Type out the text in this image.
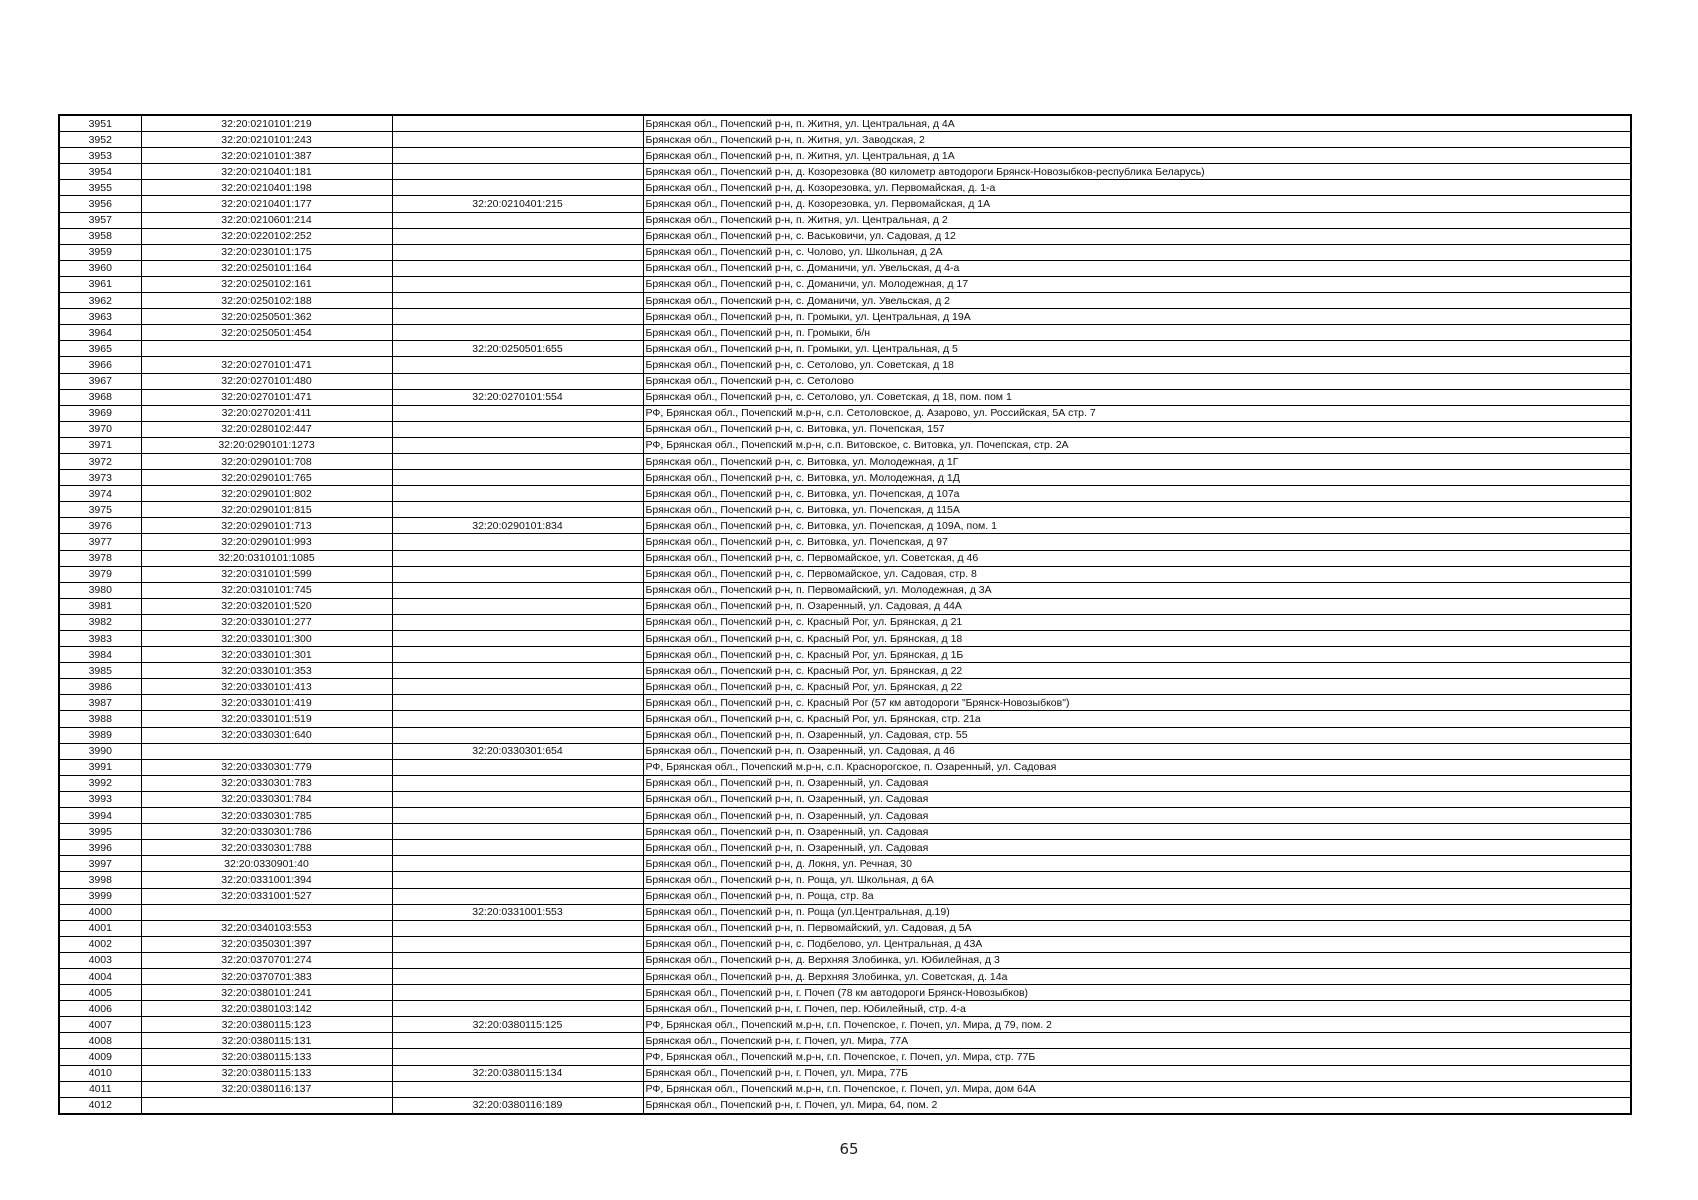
3951	32:20:0210101:219		Брянская обл., Почепский р-н, п. Житня, ул. Центральная, д 4А
3952	32:20:0210101:243		Брянская обл., Почепский р-н, п. Житня, ул. Заводская, 2
3953	32:20:0210101:387		Брянская обл., Почепский р-н, п. Житня, ул. Центральная, д 1А
3954	32:20:0210401:181		Брянская обл., Почепский р-н, д. Козорезовка (80 километр автодороги Брянск-Новозыбков-республика Беларусь)
3955	32:20:0210401:198		Брянская обл., Почепский р-н, д. Козорезовка, ул. Первомайская, д. 1-а
3956	32:20:0210401:177	32:20:0210401:215	Брянская обл., Почепский р-н, д. Козорезовка, ул. Первомайская, д 1А
3957	32:20:0210601:214		Брянская обл., Почепский р-н, п. Житня, ул. Центральная, д 2
3958	32:20:0220102:252		Брянская обл., Почепский р-н, с. Васьковичи, ул. Садовая, д 12
3959	32:20:0230101:175		Брянская обл., Почепский р-н, с. Чолово, ул. Школьная, д 2А
3960	32:20:0250101:164		Брянская обл., Почепский р-н, с. Доманичи, ул. Увельская, д 4-а
3961	32:20:0250102:161		Брянская обл., Почепский р-н, с. Доманичи, ул. Молодежная, д 17
3962	32:20:0250102:188		Брянская обл., Почепский р-н, с. Доманичи, ул. Увельская, д 2
3963	32:20:0250501:362		Брянская обл., Почепский р-н, п. Громыки, ул. Центральная, д 19А
3964	32:20:0250501:454		Брянская обл., Почепский р-н, п. Громыки, б/н
3965		32:20:0250501:655	Брянская обл., Почепский р-н, п. Громыки, ул. Центральная, д 5
3966	32:20:0270101:471		Брянская обл., Почепский р-н, с. Сетолово, ул. Советская, д 18
3967	32:20:0270101:480		Брянская обл., Почепский р-н, с. Сетолово
3968	32:20:0270101:471	32:20:0270101:554	Брянская обл., Почепский р-н, с. Сетолово, ул. Советская, д 18, пом. пом 1
3969	32:20:0270201:411		РФ, Брянская обл., Почепский м.р-н, с.п. Сетоловское, д. Азарово, ул. Российская, 5А стр. 7
3970	32:20:0280102:447		Брянская обл., Почепский р-н, с. Витовка, ул. Почепская, 157
3971	32:20:0290101:1273		РФ, Брянская обл., Почепский м.р-н, с.п. Витовское, с. Витовка, ул. Почепская, стр. 2А
3972	32:20:0290101:708		Брянская обл., Почепский р-н, с. Витовка, ул. Молодежная, д 1Г
3973	32:20:0290101:765		Брянская обл., Почепский р-н, с. Витовка, ул. Молодежная, д 1Д
3974	32:20:0290101:802		Брянская обл., Почепский р-н, с. Витовка, ул. Почепская, д 107а
3975	32:20:0290101:815		Брянская обл., Почепский р-н, с. Витовка, ул. Почепская, д 115А
3976	32:20:0290101:713	32:20:0290101:834	Брянская обл., Почепский р-н, с. Витовка, ул. Почепская, д 109А, пом. 1
3977	32:20:0290101:993		Брянская обл., Почепский р-н, с. Витовка, ул. Почепская, д 97
3978	32:20:0310101:1085		Брянская обл., Почепский р-н, с. Первомайское, ул. Советская, д 46
3979	32:20:0310101:599		Брянская обл., Почепский р-н, с. Первомайское, ул. Садовая, стр. 8
3980	32:20:0310101:745		Брянская обл., Почепский р-н, п. Первомайский, ул. Молодежная, д 3А
3981	32:20:0320101:520		Брянская обл., Почепский р-н, п. Озаренный, ул. Садовая, д 44А
3982	32:20:0330101:277		Брянская обл., Почепский р-н, с. Красный Рог, ул. Брянская, д 21
3983	32:20:0330101:300		Брянская обл., Почепский р-н, с. Красный Рог, ул. Брянская, д 18
3984	32:20:0330101:301		Брянская обл., Почепский р-н, с. Красный Рог, ул. Брянская, д 1Б
3985	32:20:0330101:353		Брянская обл., Почепский р-н, с. Красный Рог, ул. Брянская, д 22
3986	32:20:0330101:413		Брянская обл., Почепский р-н, с. Красный Рог, ул. Брянская, д 22
3987	32:20:0330101:419		Брянская обл., Почепский р-н, с. Красный Рог (57 км автодороги "Брянск-Новозыбков")
3988	32:20:0330101:519		Брянская обл., Почепский р-н, с. Красный Рог, ул. Брянская, стр. 21а
3989	32:20:0330301:640		Брянская обл., Почепский р-н, п. Озаренный, ул. Садовая, стр. 55
3990		32:20:0330301:654	Брянская обл., Почепский р-н, п. Озаренный, ул. Садовая, д 46
3991	32:20:0330301:779		РФ, Брянская обл., Почепский м.р-н, с.п. Краснорогское, п. Озаренный, ул. Садовая
3992	32:20:0330301:783		Брянская обл., Почепский р-н, п. Озаренный, ул. Садовая
3993	32:20:0330301:784		Брянская обл., Почепский р-н, п. Озаренный, ул. Садовая
3994	32:20:0330301:785		Брянская обл., Почепский р-н, п. Озаренный, ул. Садовая
3995	32:20:0330301:786		Брянская обл., Почепский р-н, п. Озаренный, ул. Садовая
3996	32:20:0330301:788		Брянская обл., Почепский р-н, п. Озаренный, ул. Садовая
3997	32:20:0330901:40		Брянская обл., Почепский р-н, д. Локня, ул. Речная, 30
3998	32:20:0331001:394		Брянская обл., Почепский р-н, п. Роща, ул. Школьная, д 6А
3999	32:20:0331001:527		Брянская обл., Почепский р-н, п. Роща, стр. 8а
4000		32:20:0331001:553	Брянская обл., Почепский р-н, п. Роща (ул.Центральная, д.19)
4001	32:20:0340103:553		Брянская обл., Почепский р-н, п. Первомайский, ул. Садовая, д 5А
4002	32:20:0350301:397		Брянская обл., Почепский р-н, с. Подбелово, ул. Центральная, д 43А
4003	32:20:0370701:274		Брянская обл., Почепский р-н, д. Верхняя Злобинка, ул. Юбилейная, д 3
4004	32:20:0370701:383		Брянская обл., Почепский р-н, д. Верхняя Злобинка, ул. Советская, д. 14а
4005	32:20:0380101:241		Брянская обл., Почепский р-н, г. Почеп (78 км автодороги Брянск-Новозыбков)
4006	32:20:0380103:142		Брянская обл., Почепский р-н, г. Почеп, пер. Юбилейный, стр. 4-а
4007	32:20:0380115:123	32:20:0380115:125	РФ, Брянская обл., Почепский м.р-н, г.п. Почепское, г. Почеп, ул. Мира, д 79, пом. 2
4008	32:20:0380115:131		Брянская обл., Почепский р-н, г. Почеп, ул. Мира, 77А
4009	32:20:0380115:133		РФ, Брянская обл., Почепский м.р-н, г.п. Почепское, г. Почеп, ул. Мира, стр. 77Б
4010	32:20:0380115:133	32:20:0380115:134	Брянская обл., Почепский р-н, г. Почеп, ул. Мира, 77Б
4011	32:20:0380116:137		РФ, Брянская обл., Почепский м.р-н, г.п. Почепское, г. Почеп, ул. Мира, дом 64А
4012		32:20:0380116:189	Брянская обл., Почепский р-н, г. Почеп, ул. Мира, 64, пом. 2
65
